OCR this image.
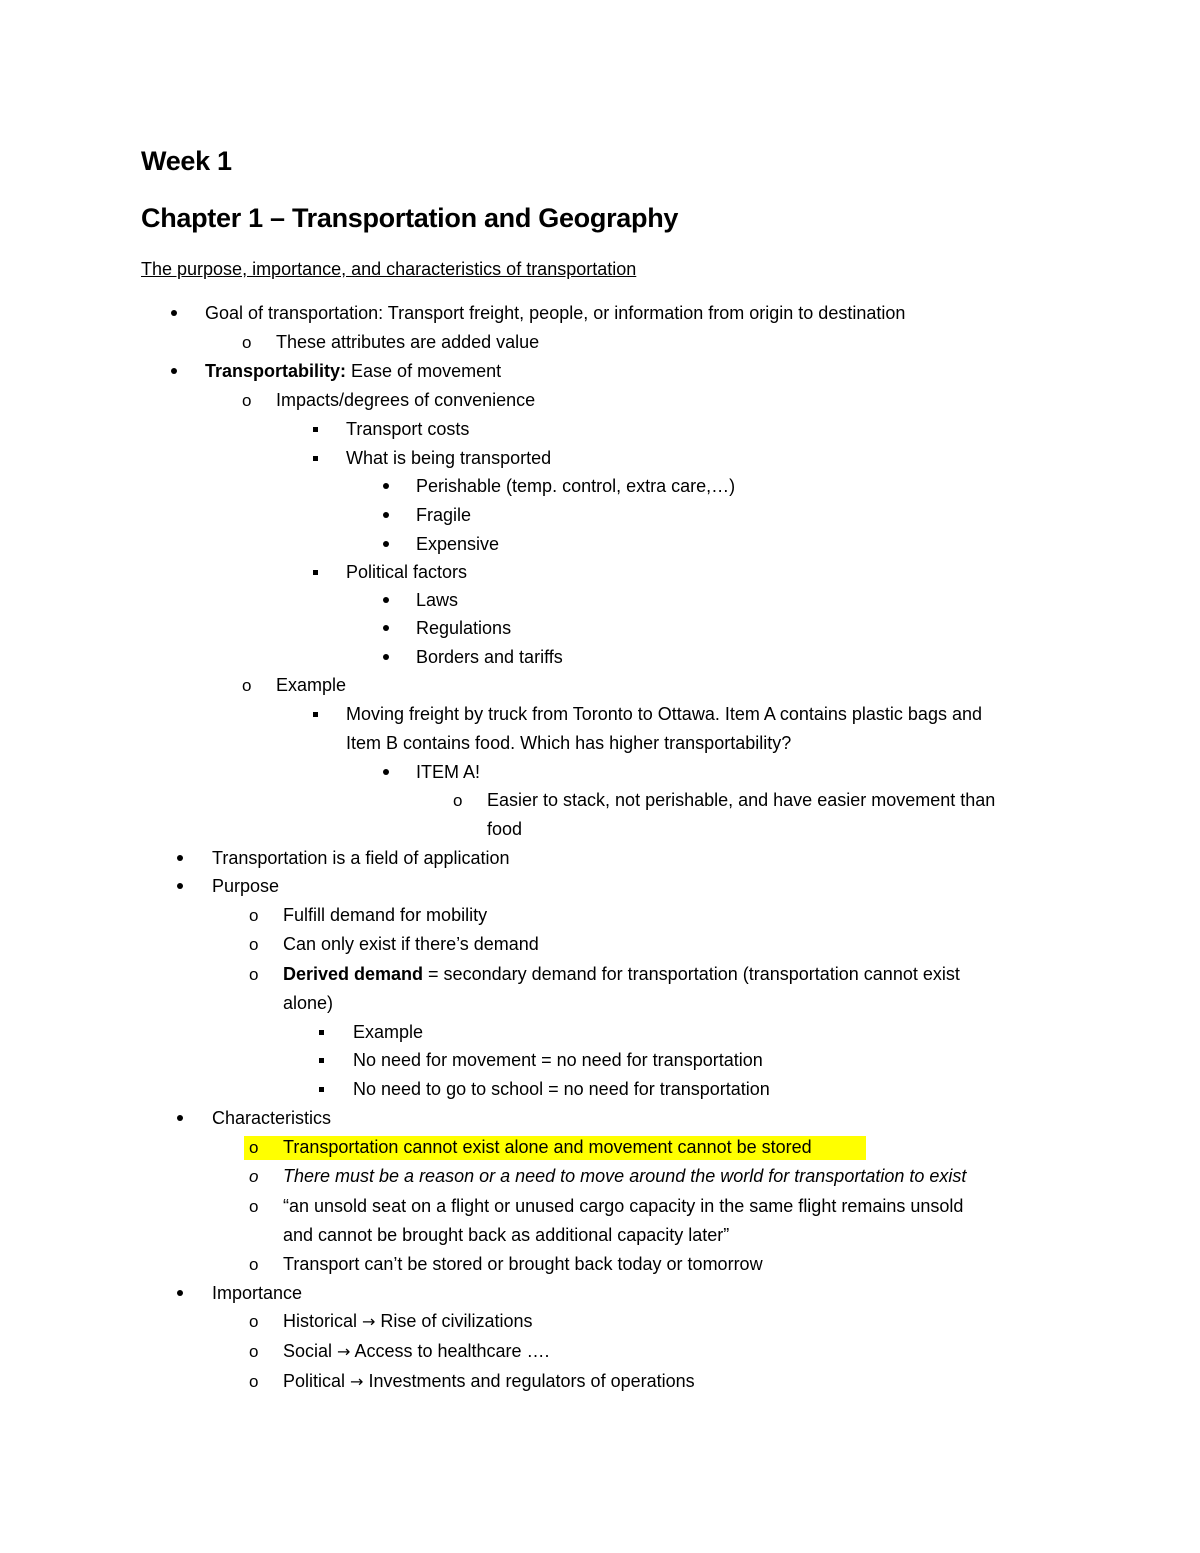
Week 1
Chapter 1 – Transportation and Geography
The purpose, importance, and characteristics of transportation
Goal of transportation: Transport freight, people, or information from origin to destination
o These attributes are added value
Transportability: Ease of movement
o Impacts/degrees of convenience
Transport costs
What is being transported
Perishable (temp. control, extra care,…)
Fragile
Expensive
Political factors
Laws
Regulations
Borders and tariffs
o Example
Moving freight by truck from Toronto to Ottawa. Item A contains plastic bags and
Item B contains food. Which has higher transportability?
ITEM A!
o Easier to stack, not perishable, and have easier movement than
food
Transportation is a field of application
Purpose
o Fulfill demand for mobility
o Can only exist if there’s demand
o Derived demand = secondary demand for transportation (transportation cannot exist
alone)
Example
No need for movement = no need for transportation
No need to go to school = no need for transportation
Characteristics
o Transportation cannot exist alone and movement cannot be stored
o There must be a reason or a need to move around the world for transportation to exist
o “an unsold seat on a flight or unused cargo capacity in the same flight remains unsold
and cannot be brought back as additional capacity later”
o Transport can’t be stored or brought back today or tomorrow
Importance
o Historical → Rise of civilizations
o Social → Access to healthcare ….
o Political → Investments and regulators of operations
